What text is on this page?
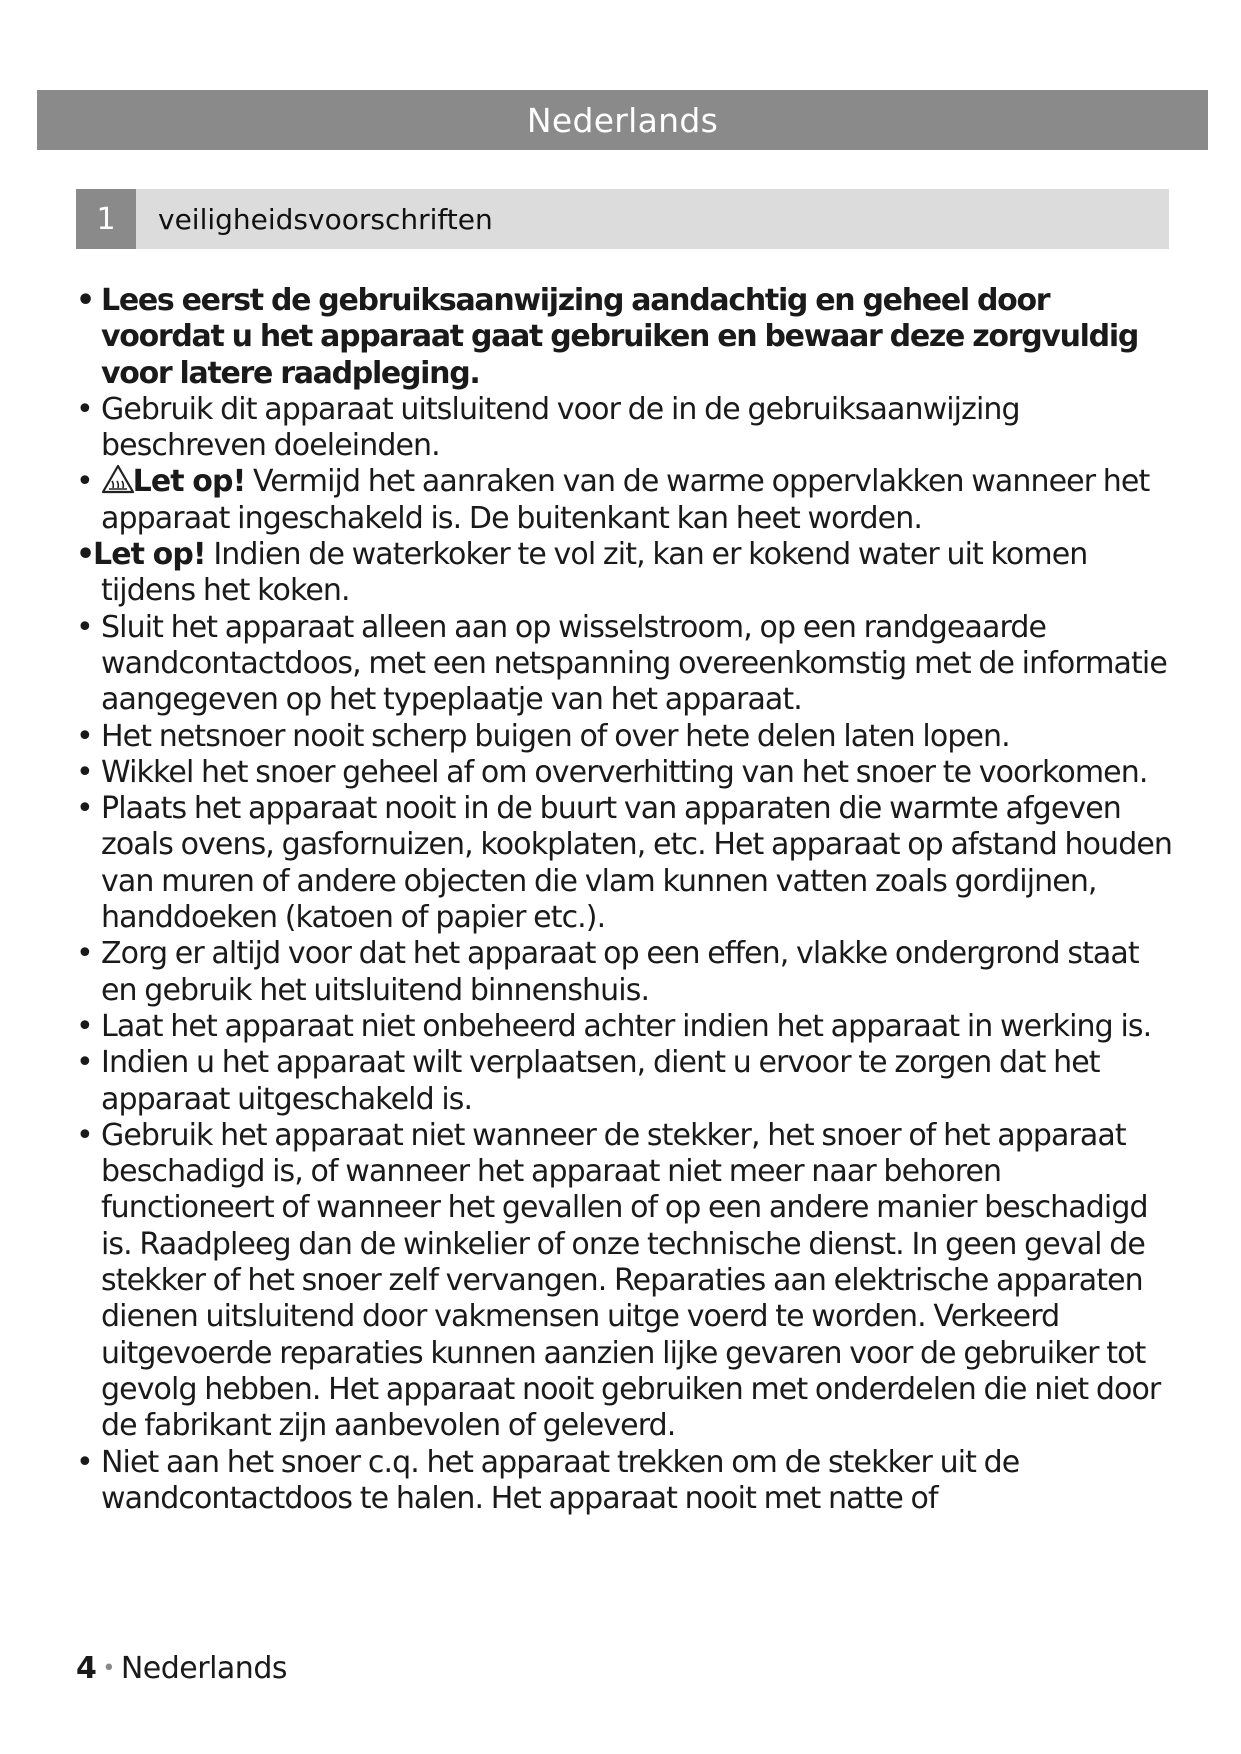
Nederlands
1	veiligheidsvoorschriften
• Lees eerst de gebruiksaanwijzing aandachtig en geheel door voordat u het apparaat gaat gebruiken en bewaar deze zorgvuldig voor latere raadpleging.
• Gebruik dit apparaat uitsluitend voor de in de gebruiksaanwijzing beschreven doeleinden.
• Let op! Vermijd het aanraken van de warme oppervlakken wanneer het apparaat ingeschakeld is. De buitenkant kan heet worden.
•
Let op! Indien de waterkoker te vol zit, kan er kokend water uit komen tijdens het koken.
• Sluit het apparaat alleen aan op wisselstroom, op een randgeaarde wandcontactdoos, met een netspanning overeenkomstig met de informatie aangegeven op het typeplaatje van het apparaat.
• Het netsnoer nooit scherp buigen of over hete delen laten lopen.
• Wikkel het snoer geheel af om oververhitting van het snoer te voorkomen.
• Plaats het apparaat nooit in de buurt van apparaten die warmte afgeven zoals ovens, gasfornuizen, kookplaten, etc. Het apparaat op afstand houden van muren of andere objecten die vlam kunnen vatten zoals gordijnen, handdoeken (katoen of papier etc.).
• Zorg er altijd voor dat het apparaat op een effen, vlakke ondergrond staat en gebruik het uitsluitend binnenshuis.
• Laat het apparaat niet onbeheerd achter indien het apparaat in werking is.
• Indien u het apparaat wilt verplaatsen, dient u ervoor te zorgen dat het apparaat uitgeschakeld is.
• Gebruik het apparaat niet wanneer de stekker, het snoer of het apparaat beschadigd is, of wanneer het apparaat niet meer naar behoren functioneert of wanneer het gevallen of op een andere manier beschadigd is. Raadpleeg dan de winkelier of onze technische dienst. In geen geval de stekker of het snoer zelf vervangen. Reparaties aan elektrische apparaten dienen uitsluitend door vakmensen uitge voerd te worden. Verkeerd uitgevoerde reparaties kunnen aanzien lijke gevaren voor de gebruiker tot gevolg hebben. Het apparaat nooit gebruiken met onderdelen die niet door de fabrikant zijn aanbevolen of geleverd.
• Niet aan het snoer c.q. het apparaat trekken om de stekker uit de wandcontactdoos te halen. Het apparaat nooit met natte of
4 • Nederlands
